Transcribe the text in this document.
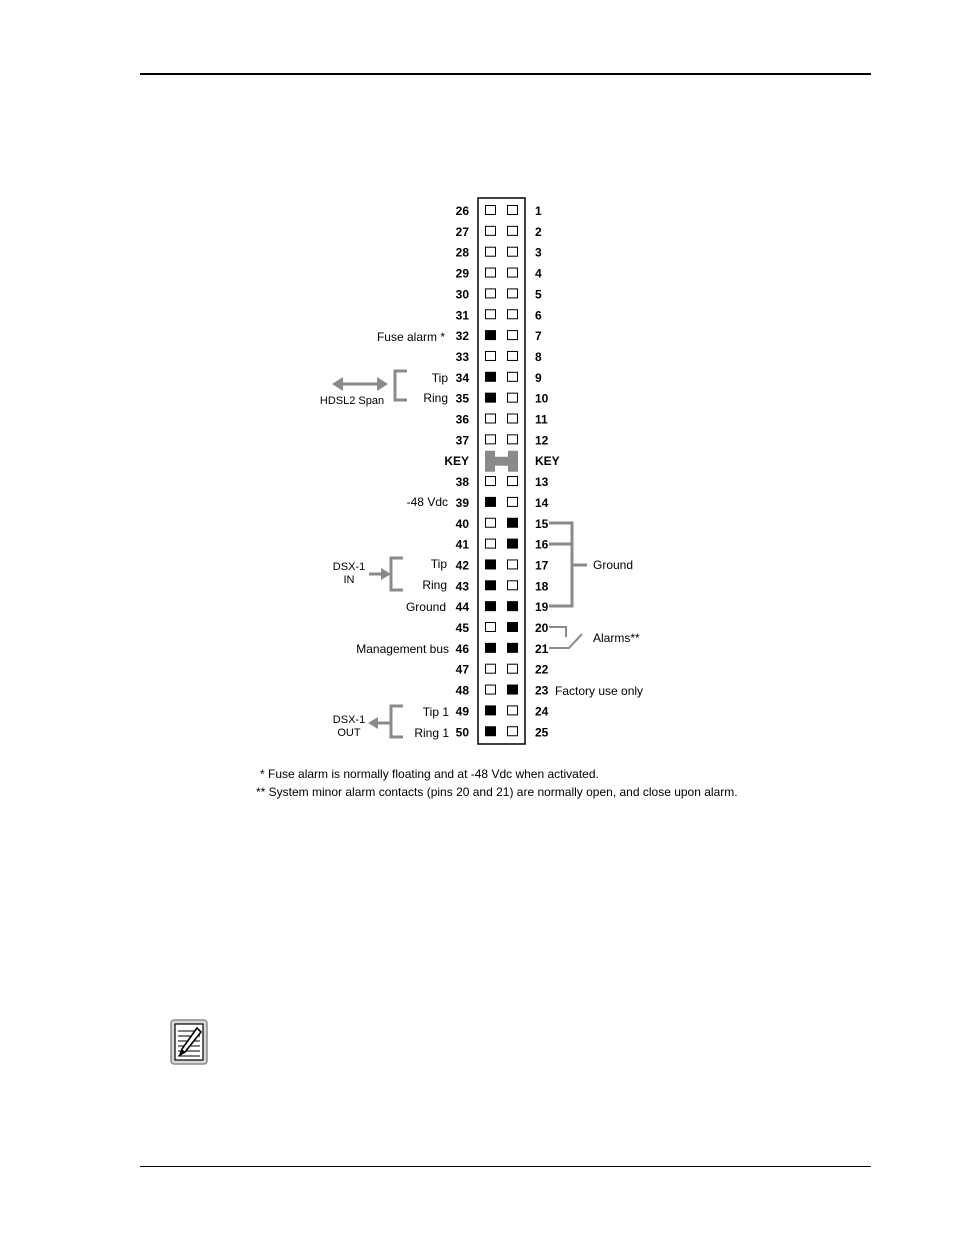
26	1
27	2
28	3
29	4
30	5
31	6
32	7
33	8
34	9
35	10
36	11
37	12
KEY	KEY
38	13
39	14
40	15
41	16
42	17
43	18
44	19
45	20
46	21
47	22
48	23
49	24
50	25
Fuse alarm *
Tip
Ring
HDSL2 Span
-48 Vdc
Tip
Ring
DSX-1
IN
Ground
Management bus
Tip 1
Ring 1
DSX-1
OUT
Ground
Alarms**
Factory use only
* Fuse alarm is normally floating and at -48 Vdc when activated.
** System minor alarm contacts (pins 20 and 21) are normally open, and close upon alarm.
